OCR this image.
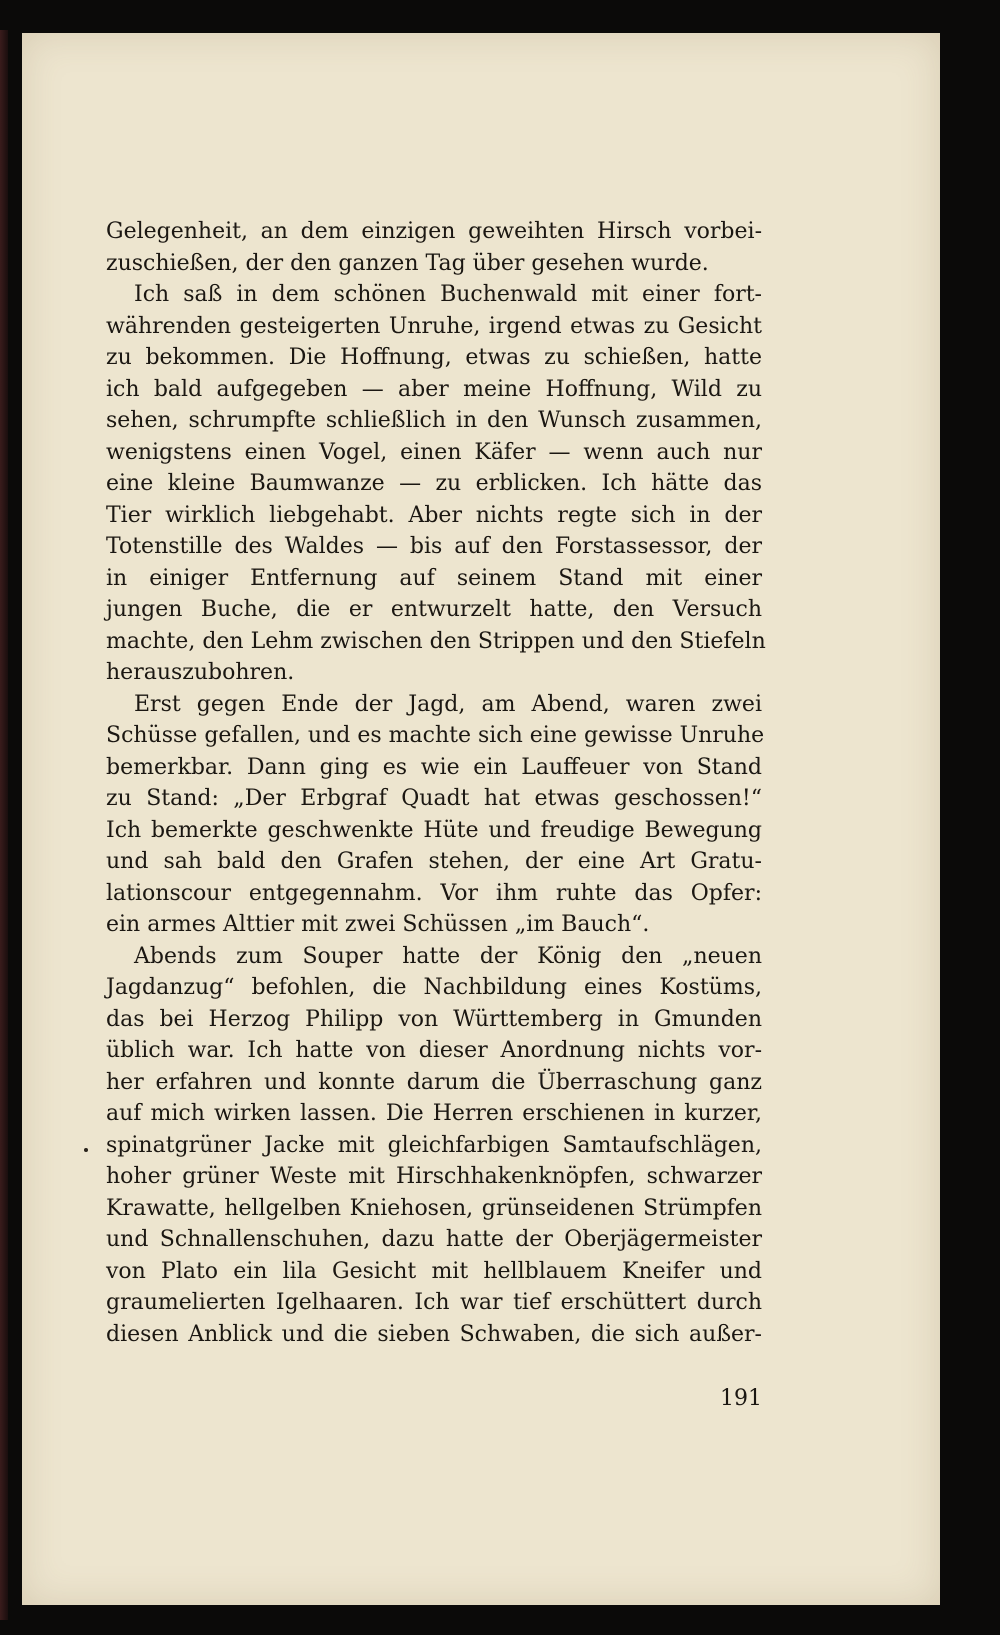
Gelegenheit, an dem einzigen geweihten Hirsch vorbei-
zuschießen, der den ganzen Tag über gesehen wurde.
Ich saß in dem schönen Buchenwald mit einer fort-
währenden gesteigerten Unruhe, irgend etwas zu Gesicht
zu bekommen. Die Hoffnung, etwas zu schießen, hatte
ich bald aufgegeben — aber meine Hoffnung, Wild zu
sehen, schrumpfte schließlich in den Wunsch zusammen,
wenigstens einen Vogel, einen Käfer — wenn auch nur
eine kleine Baumwanze — zu erblicken. Ich hätte das
Tier wirklich liebgehabt. Aber nichts regte sich in der
Totenstille des Waldes — bis auf den Forstassessor, der
in einiger Entfernung auf seinem Stand mit einer
jungen Buche, die er entwurzelt hatte, den Versuch
machte, den Lehm zwischen den Strippen und den Stiefeln
herauszubohren.
Erst gegen Ende der Jagd, am Abend, waren zwei
Schüsse gefallen, und es machte sich eine gewisse Unruhe
bemerkbar. Dann ging es wie ein Lauffeuer von Stand
zu Stand: „Der Erbgraf Quadt hat etwas geschossen!“
Ich bemerkte geschwenkte Hüte und freudige Bewegung
und sah bald den Grafen stehen, der eine Art Gratu-
lationscour entgegennahm. Vor ihm ruhte das Opfer:
ein armes Alttier mit zwei Schüssen „im Bauch“.
Abends zum Souper hatte der König den „neuen
Jagdanzug“ befohlen, die Nachbildung eines Kostüms,
das bei Herzog Philipp von Württemberg in Gmunden
üblich war. Ich hatte von dieser Anordnung nichts vor-
her erfahren und konnte darum die Überraschung ganz
auf mich wirken lassen. Die Herren erschienen in kurzer,
spinatgrüner Jacke mit gleichfarbigen Samtaufschlägen,
hoher grüner Weste mit Hirschhakenknöpfen, schwarzer
Krawatte, hellgelben Kniehosen, grünseidenen Strümpfen
und Schnallenschuhen, dazu hatte der Oberjägermeister
von Plato ein lila Gesicht mit hellblauem Kneifer und
graumelierten Igelhaaren. Ich war tief erschüttert durch
diesen Anblick und die sieben Schwaben, die sich außer-
191
